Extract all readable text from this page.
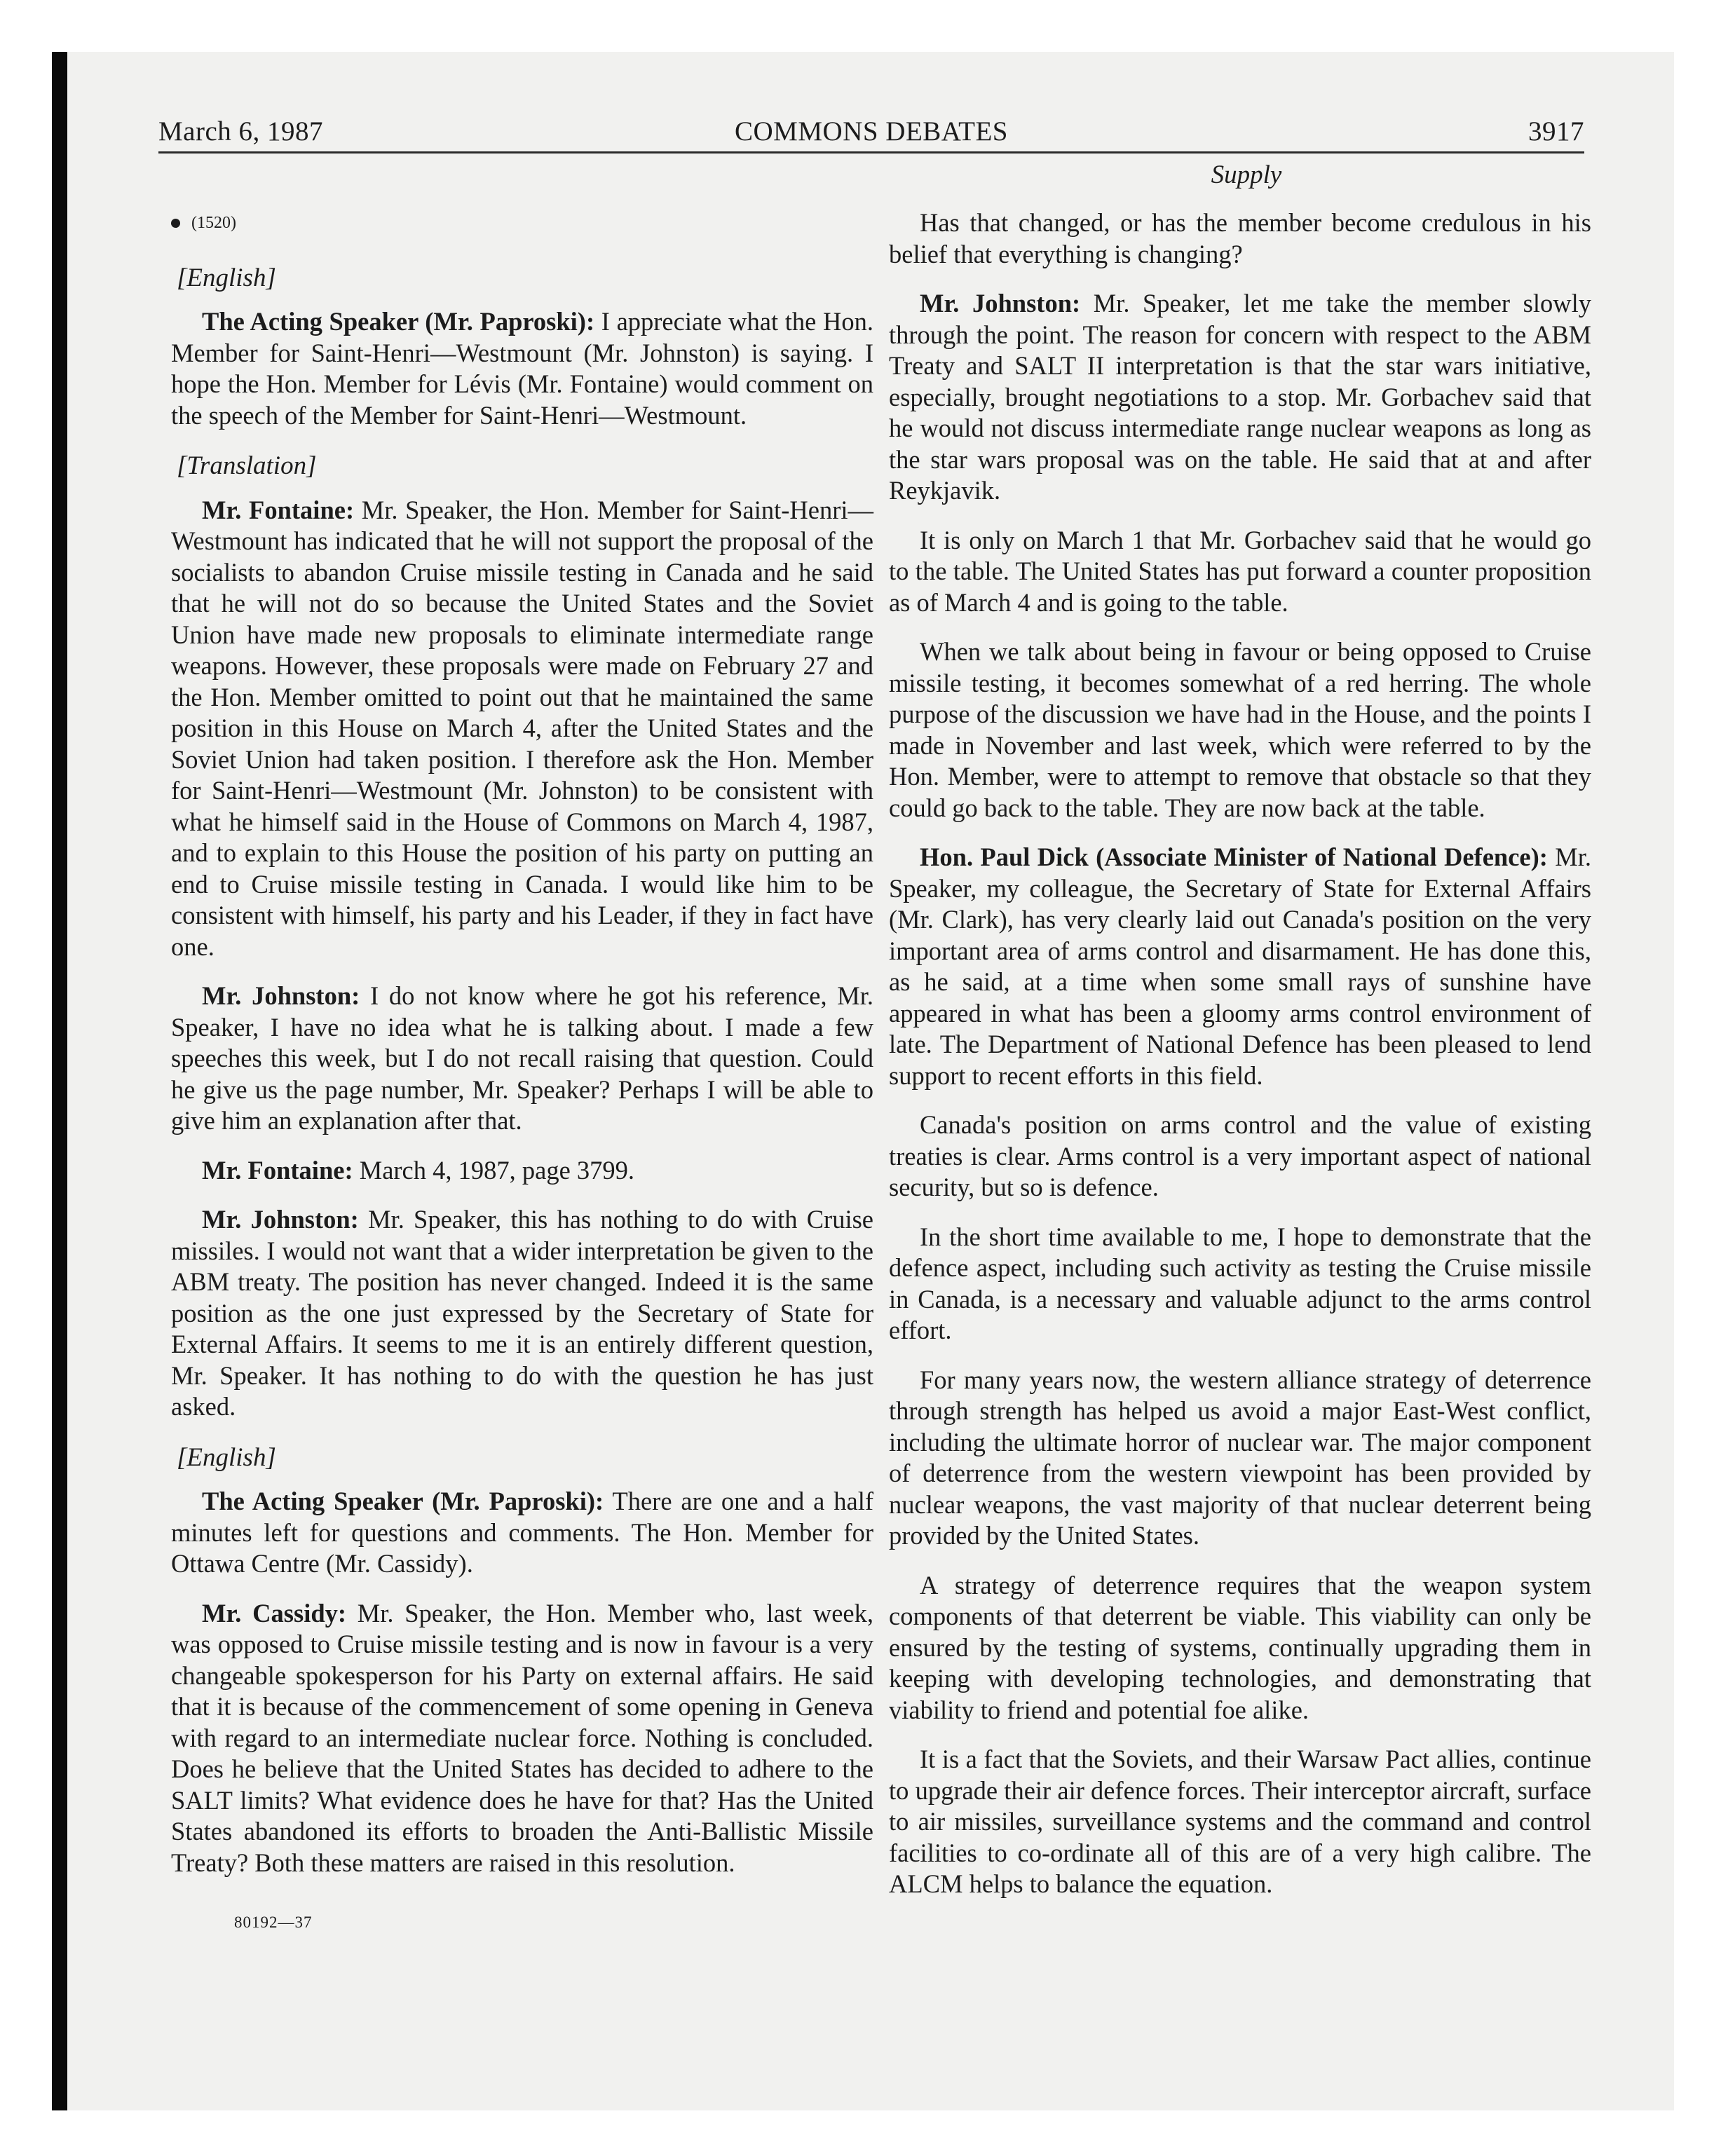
March 6, 1987	COMMONS DEBATES	3917
Supply

(1520)

[English]

The Acting Speaker (Mr. Paproski): I appreciate what the Hon. Member for Saint-Henri—Westmount (Mr. Johnston) is saying. I hope the Hon. Member for Lévis (Mr. Fontaine) would comment on the speech of the Member for Saint-Henri—Westmount.

[Translation]

Mr. Fontaine: Mr. Speaker, the Hon. Member for Saint-Henri—Westmount has indicated that he will not support the proposal of the socialists to abandon Cruise missile testing in Canada and he said that he will not do so because the United States and the Soviet Union have made new proposals to eliminate intermediate range weapons. However, these proposals were made on February 27 and the Hon. Member omitted to point out that he maintained the same position in this House on March 4, after the United States and the Soviet Union had taken position. I therefore ask the Hon. Member for Saint-Henri—Westmount (Mr. Johnston) to be consistent with what he himself said in the House of Commons on March 4, 1987, and to explain to this House the position of his party on putting an end to Cruise missile testing in Canada. I would like him to be consistent with himself, his party and his Leader, if they in fact have one.

Mr. Johnston: I do not know where he got his reference, Mr. Speaker, I have no idea what he is talking about. I made a few speeches this week, but I do not recall raising that question. Could he give us the page number, Mr. Speaker? Perhaps I will be able to give him an explanation after that.

Mr. Fontaine: March 4, 1987, page 3799.

Mr. Johnston: Mr. Speaker, this has nothing to do with Cruise missiles. I would not want that a wider interpretation be given to the ABM treaty. The position has never changed. Indeed it is the same position as the one just expressed by the Secretary of State for External Affairs. It seems to me it is an entirely different question, Mr. Speaker. It has nothing to do with the question he has just asked.

[English]

The Acting Speaker (Mr. Paproski): There are one and a half minutes left for questions and comments. The Hon. Member for Ottawa Centre (Mr. Cassidy).

Mr. Cassidy: Mr. Speaker, the Hon. Member who, last week, was opposed to Cruise missile testing and is now in favour is a very changeable spokesperson for his Party on external affairs. He said that it is because of the commencement of some opening in Geneva with regard to an intermediate nuclear force. Nothing is concluded. Does he believe that the United States has decided to adhere to the SALT limits? What evidence does he have for that? Has the United States abandoned its efforts to broaden the Anti-Ballistic Missile Treaty? Both these matters are raised in this resolution.

Has that changed, or has the member become credulous in his belief that everything is changing?

Mr. Johnston: Mr. Speaker, let me take the member slowly through the point. The reason for concern with respect to the ABM Treaty and SALT II interpretation is that the star wars initiative, especially, brought negotiations to a stop. Mr. Gorbachev said that he would not discuss intermediate range nuclear weapons as long as the star wars proposal was on the table. He said that at and after Reykjavik.

It is only on March 1 that Mr. Gorbachev said that he would go to the table. The United States has put forward a counter proposition as of March 4 and is going to the table.

When we talk about being in favour or being opposed to Cruise missile testing, it becomes somewhat of a red herring. The whole purpose of the discussion we have had in the House, and the points I made in November and last week, which were referred to by the Hon. Member, were to attempt to remove that obstacle so that they could go back to the table. They are now back at the table.

Hon. Paul Dick (Associate Minister of National Defence): Mr. Speaker, my colleague, the Secretary of State for External Affairs (Mr. Clark), has very clearly laid out Canada's position on the very important area of arms control and disarmament. He has done this, as he said, at a time when some small rays of sunshine have appeared in what has been a gloomy arms control environment of late. The Department of National Defence has been pleased to lend support to recent efforts in this field.

Canada's position on arms control and the value of existing treaties is clear. Arms control is a very important aspect of national security, but so is defence.

In the short time available to me, I hope to demonstrate that the defence aspect, including such activity as testing the Cruise missile in Canada, is a necessary and valuable adjunct to the arms control effort.

For many years now, the western alliance strategy of deterrence through strength has helped us avoid a major East-West conflict, including the ultimate horror of nuclear war. The major component of deterrence from the western viewpoint has been provided by nuclear weapons, the vast majority of that nuclear deterrent being provided by the United States.

A strategy of deterrence requires that the weapon system components of that deterrent be viable. This viability can only be ensured by the testing of systems, continually upgrading them in keeping with developing technologies, and demonstrating that viability to friend and potential foe alike.

It is a fact that the Soviets, and their Warsaw Pact allies, continue to upgrade their air defence forces. Their interceptor aircraft, surface to air missiles, surveillance systems and the command and control facilities to co-ordinate all of this are of a very high calibre. The ALCM helps to balance the equation.

80192—37
